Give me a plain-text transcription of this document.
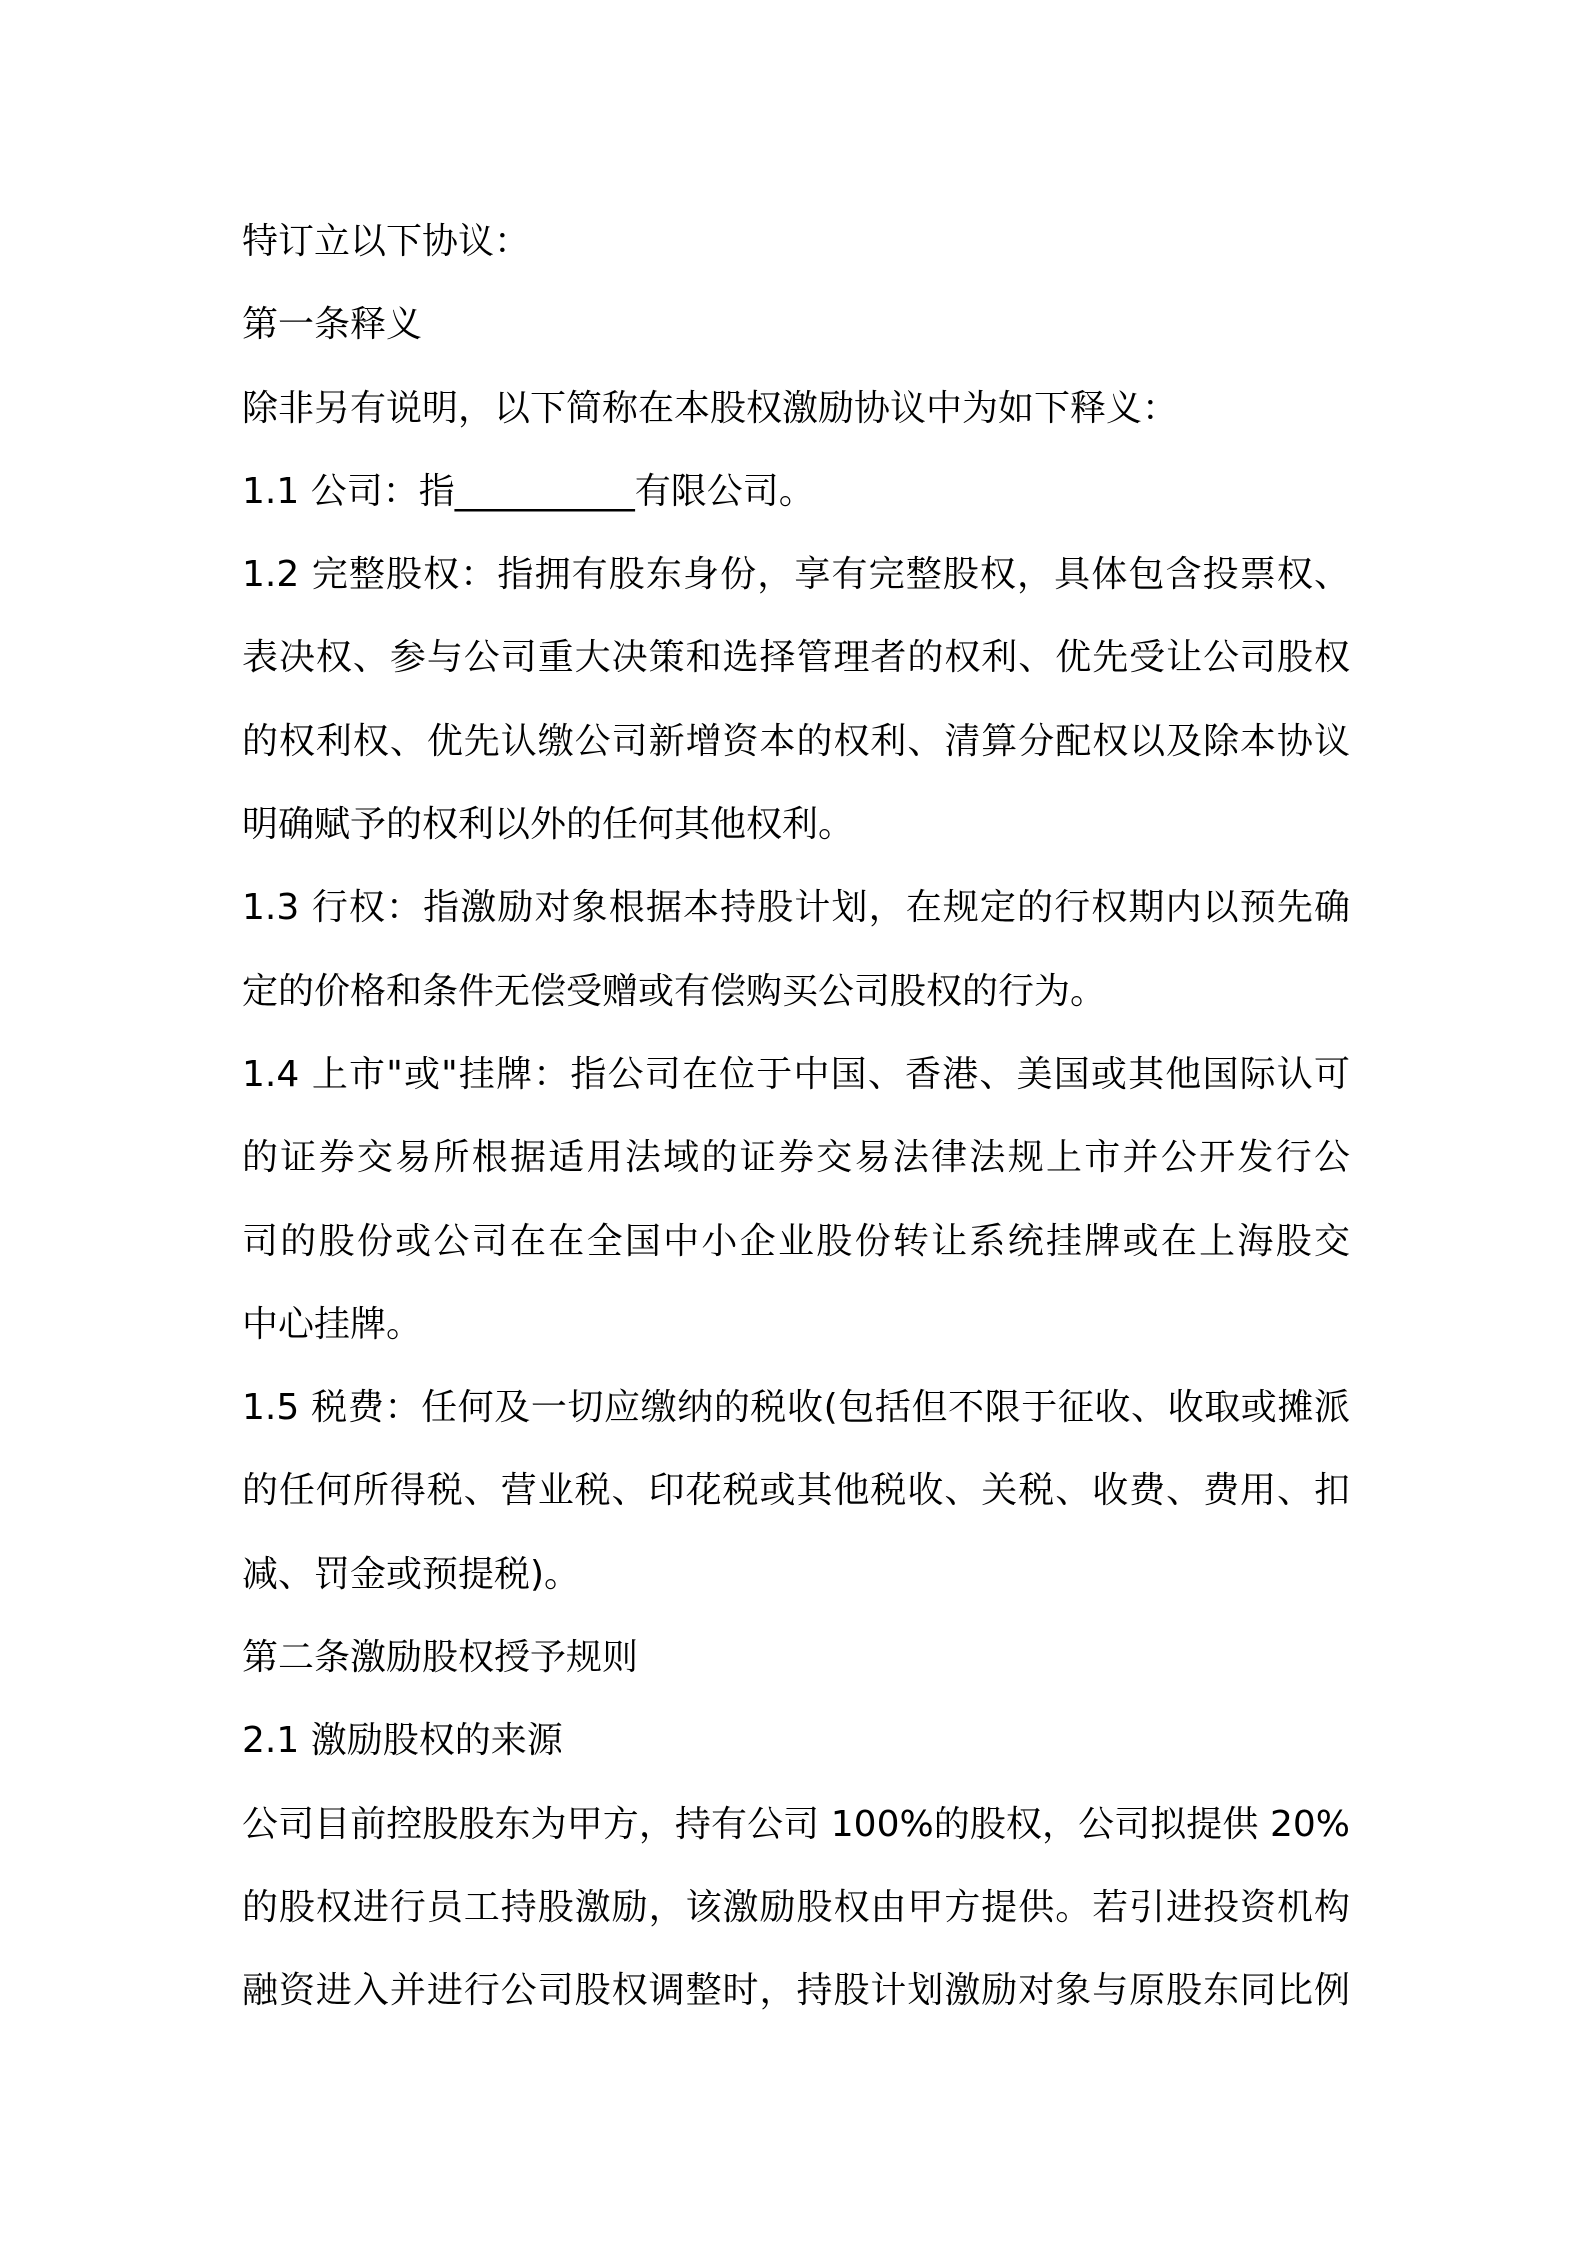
特订立以下协议：
第一条释义
除非另有说明，以下简称在本股权激励协议中为如下释义：
1.1 公司：指__________有限公司。
1.2 完整股权：指拥有股东身份，享有完整股权，具体包含投票权、
表决权、参与公司重大决策和选择管理者的权利、优先受让公司股权
的权利权、优先认缴公司新增资本的权利、清算分配权以及除本协议
明确赋予的权利以外的任何其他权利。
1.3 行权：指激励对象根据本持股计划，在规定的行权期内以预先确
定的价格和条件无偿受赠或有偿购买公司股权的行为。
1.4 上市"或"挂牌：指公司在位于中国、香港、美国或其他国际认可
的证券交易所根据适用法域的证券交易法律法规上市并公开发行公
司的股份或公司在在全国中小企业股份转让系统挂牌或在上海股交
中心挂牌。
1.5 税费：任何及一切应缴纳的税收(包括但不限于征收、收取或摊派
的任何所得税、营业税、印花税或其他税收、关税、收费、费用、扣
减、罚金或预提税)。
第二条激励股权授予规则
2.1 激励股权的来源
公司目前控股股东为甲方，持有公司 100%的股权，公司拟提供 20%
的股权进行员工持股激励，该激励股权由甲方提供。若引进投资机构
融资进入并进行公司股权调整时，持股计划激励对象与原股东同比例
